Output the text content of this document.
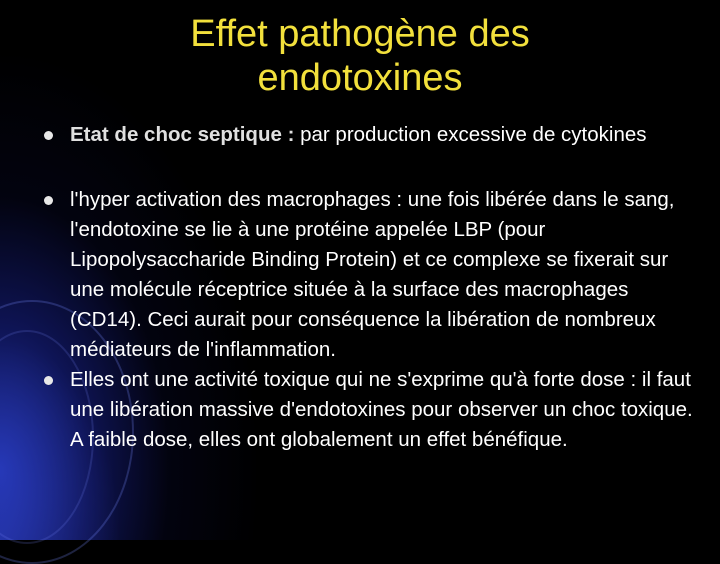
Effet pathogène des endotoxines
Etat de choc septique : par production excessive de cytokines
l'hyper activation des macrophages : une fois libérée dans le sang, l'endotoxine se lie à une protéine appelée LBP (pour Lipopolysaccharide Binding Protein) et ce complexe se fixerait sur une molécule réceptrice située à la surface des macrophages (CD14). Ceci aurait pour conséquence la libération de nombreux médiateurs de l'inflammation.
Elles ont une activité toxique qui ne s'exprime qu'à forte dose : il faut une libération massive d'endotoxines pour observer un choc toxique. A faible dose, elles ont globalement un effet bénéfique.
